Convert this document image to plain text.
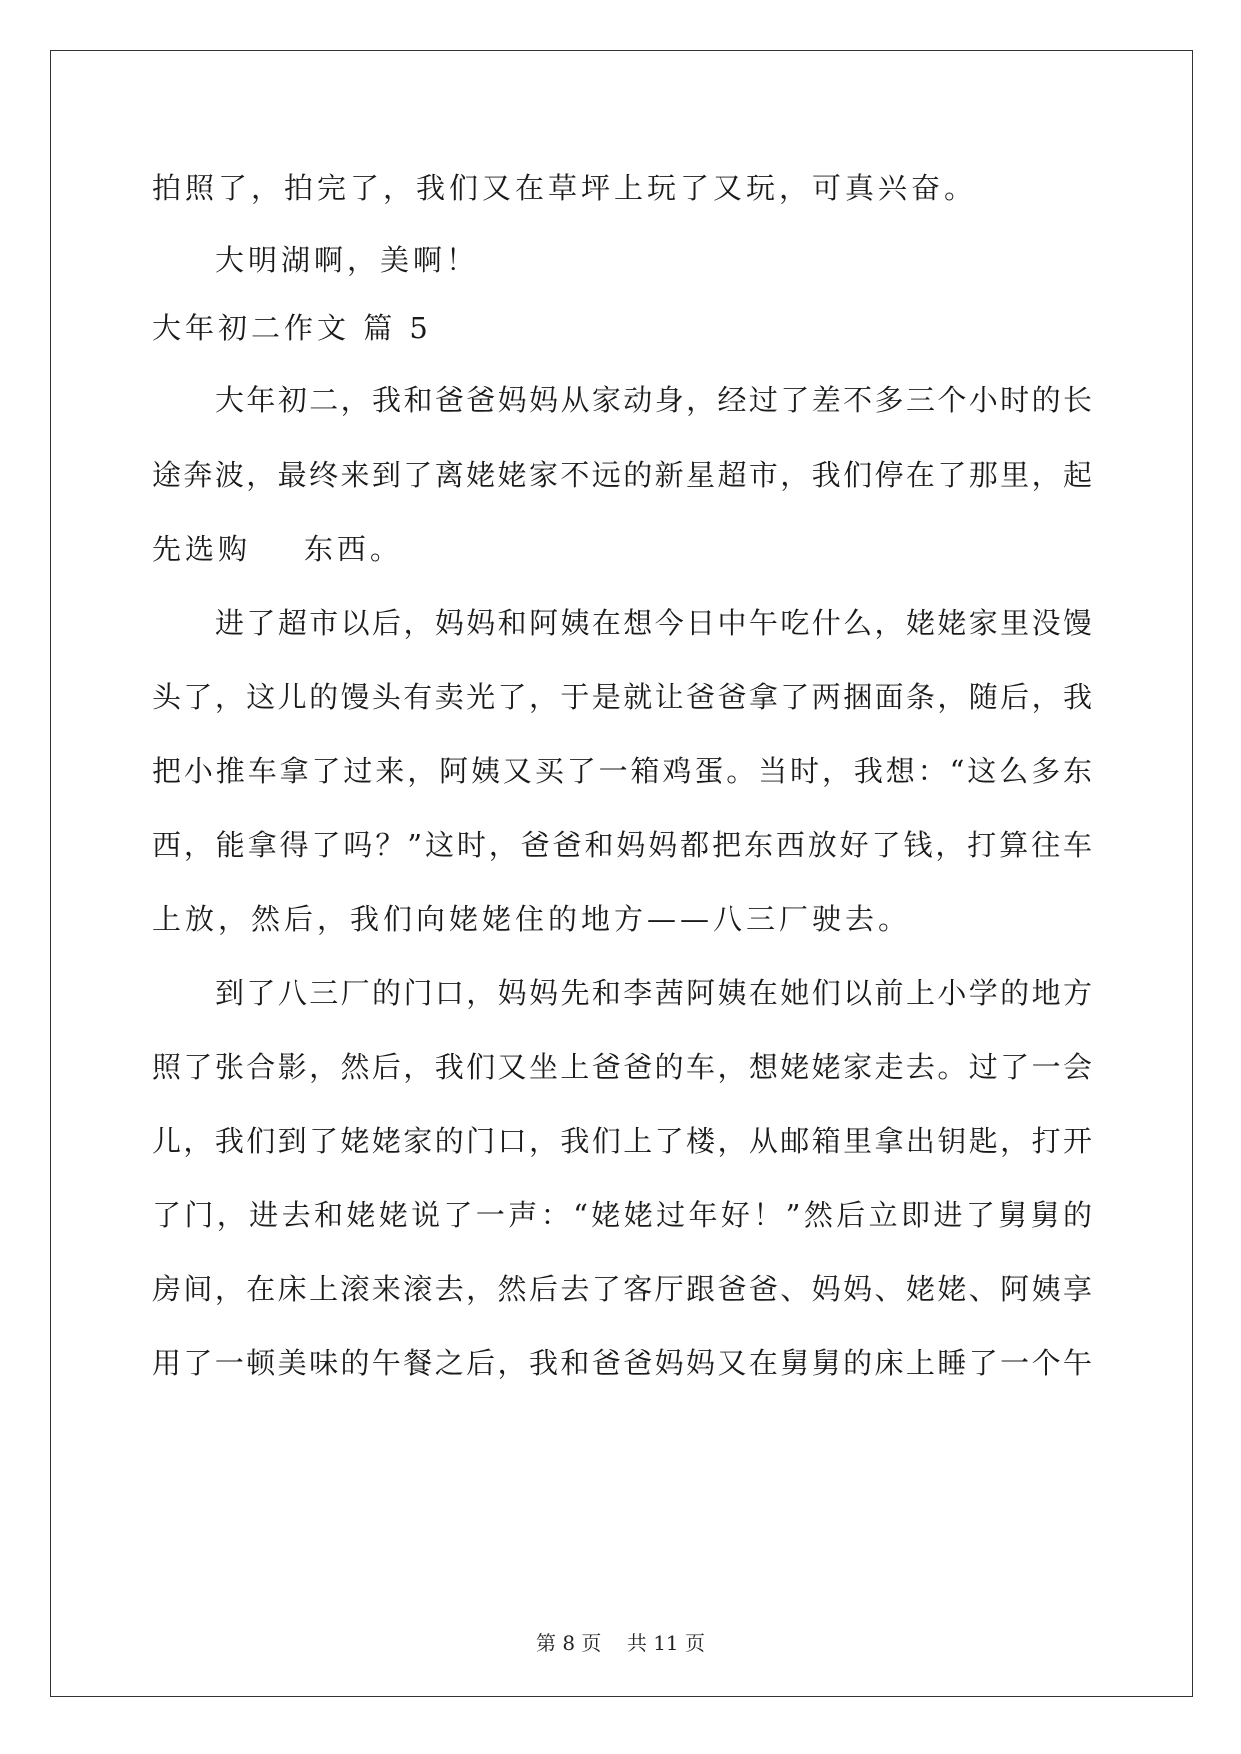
拍照了，拍完了，我们又在草坪上玩了又玩，可真兴奋。
大明湖啊，美啊！
大年初二作文 篇 5
大年初二，我和爸爸妈妈从家动身，经过了差不多三个小时的长
途奔波，最终来到了离姥姥家不远的新星超市，我们停在了那里，起
先选购    东西。
进了超市以后，妈妈和阿姨在想今日中午吃什么，姥姥家里没馒
头了，这儿的馒头有卖光了，于是就让爸爸拿了两捆面条，随后，我
把小推车拿了过来，阿姨又买了一箱鸡蛋。当时，我想：“这么多东
西，能拿得了吗？”这时，爸爸和妈妈都把东西放好了钱，打算往车
上放，然后，我们向姥姥住的地方——八三厂驶去。
到了八三厂的门口，妈妈先和李茜阿姨在她们以前上小学的地方
照了张合影，然后，我们又坐上爸爸的车，想姥姥家走去。过了一会
儿，我们到了姥姥家的门口，我们上了楼，从邮箱里拿出钥匙，打开
了门，进去和姥姥说了一声：“姥姥过年好！”然后立即进了舅舅的
房间，在床上滚来滚去，然后去了客厅跟爸爸、妈妈、姥姥、阿姨享
用了一顿美味的午餐之后，我和爸爸妈妈又在舅舅的床上睡了一个午
第 8 页    共 11 页
